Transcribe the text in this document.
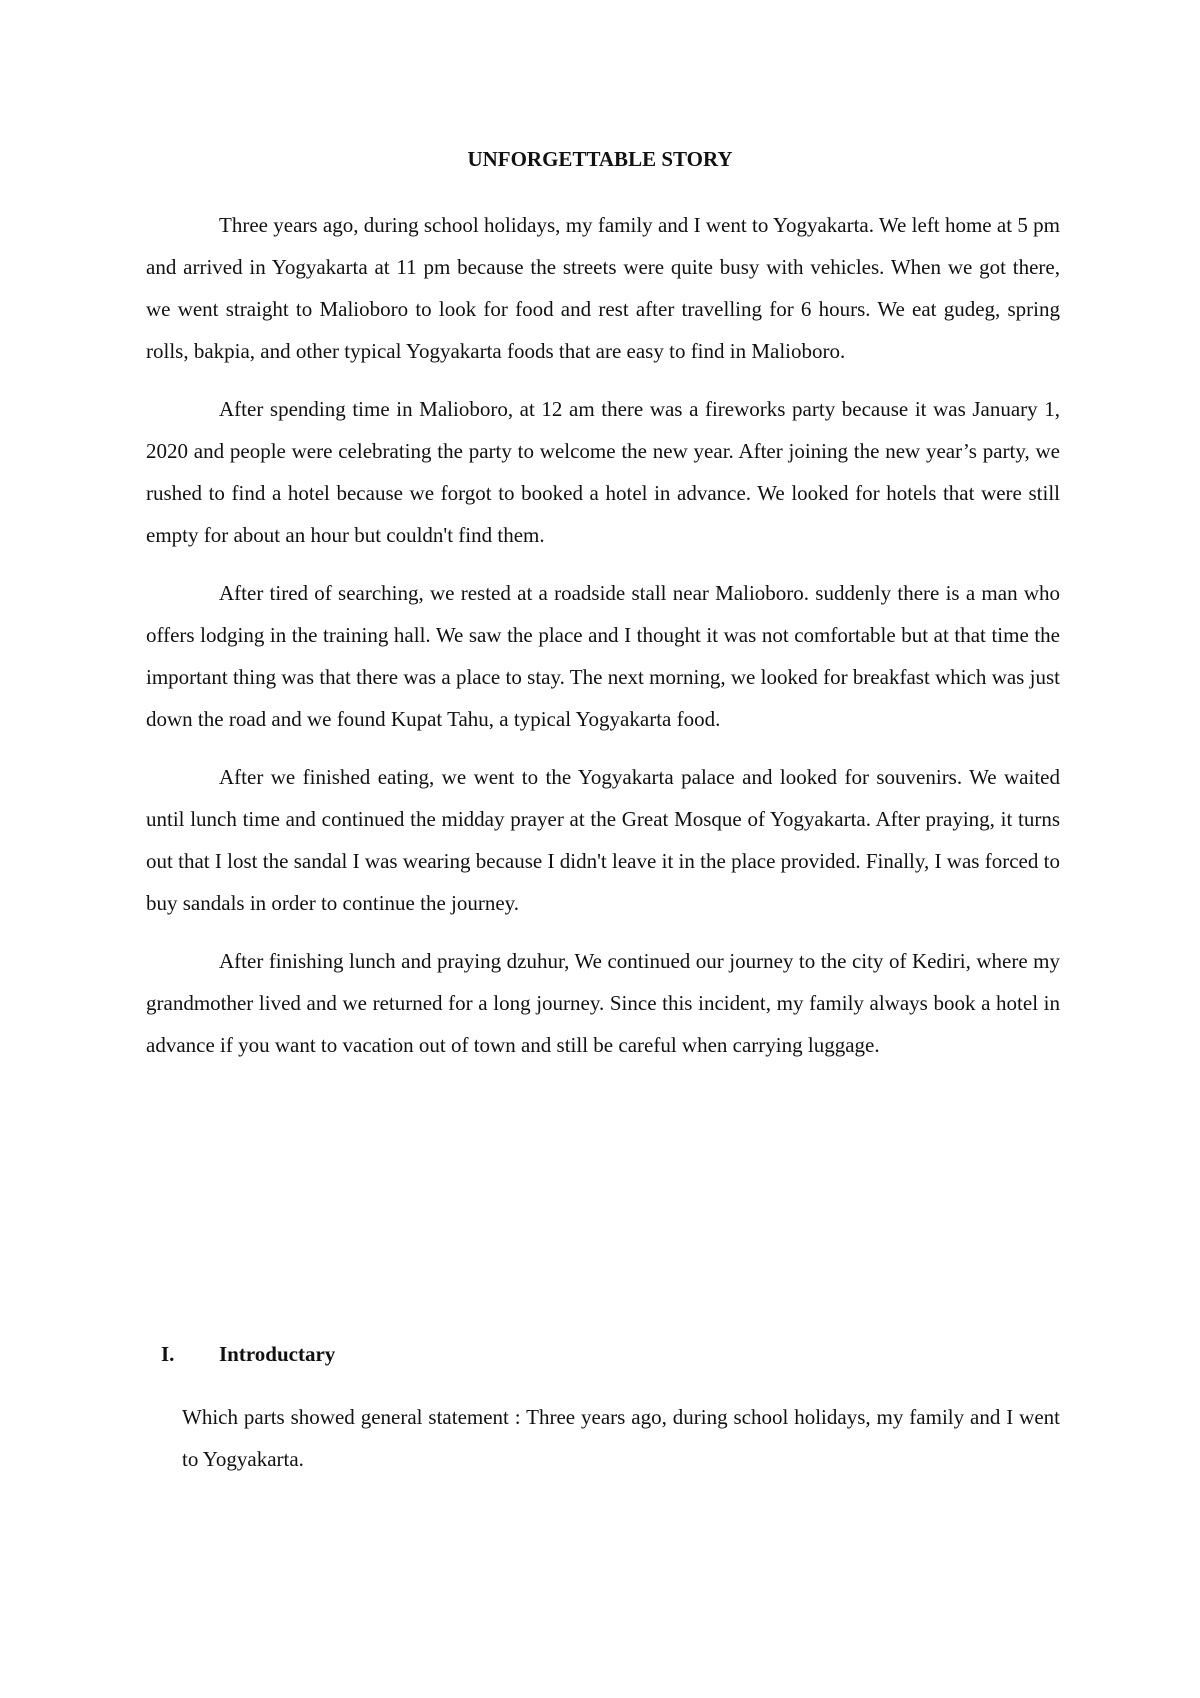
UNFORGETTABLE STORY

Three years ago, during school holidays, my family and I went to Yogyakarta. We left home at 5 pm and arrived in Yogyakarta at 11 pm because the streets were quite busy with vehicles. When we got there, we went straight to Malioboro to look for food and rest after travelling for 6 hours. We eat gudeg, spring rolls, bakpia, and other typical Yogyakarta foods that are easy to find in Malioboro.

After spending time in Malioboro, at 12 am there was a fireworks party because it was January 1, 2020 and people were celebrating the party to welcome the new year. After joining the new year’s party, we rushed to find a hotel because we forgot to booked a hotel in advance. We looked for hotels that were still empty for about an hour but couldn't find them.

After tired of searching, we rested at a roadside stall near Malioboro. suddenly there is a man who offers lodging in the training hall. We saw the place and I thought it was not comfortable but at that time the important thing was that there was a place to stay. The next morning, we looked for breakfast which was just down the road and we found Kupat Tahu, a typical Yogyakarta food.

After we finished eating, we went to the Yogyakarta palace and looked for souvenirs. We waited until lunch time and continued the midday prayer at the Great Mosque of Yogyakarta. After praying, it turns out that I lost the sandal I was wearing because I didn't leave it in the place provided. Finally, I was forced to buy sandals in order to continue the journey.

After finishing lunch and praying dzuhur, We continued our journey to the city of Kediri, where my grandmother lived and we returned for a long journey. Since this incident, my family always book a hotel in advance if you want to vacation out of town and still be careful when carrying luggage.

I. Introductary

Which parts showed general statement : Three years ago, during school holidays, my family and I went to Yogyakarta.
